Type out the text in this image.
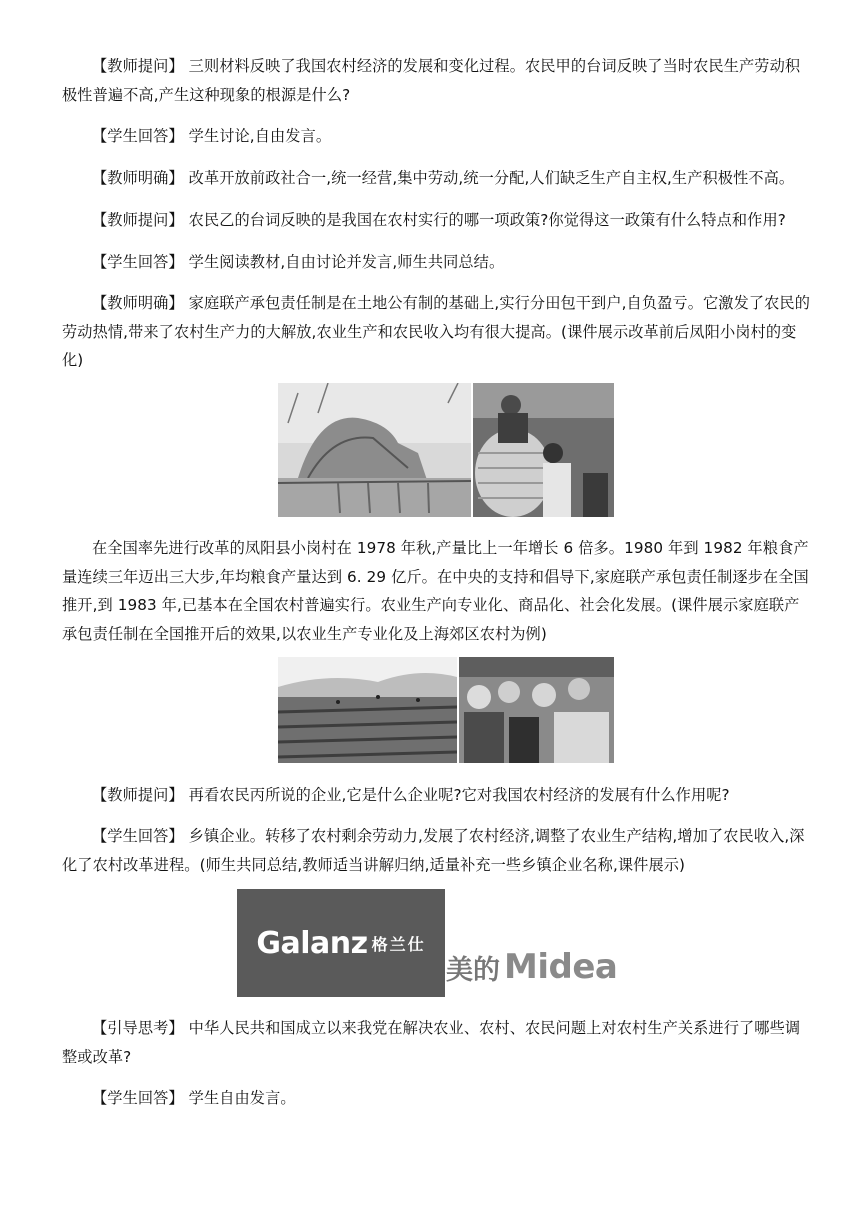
【教师提问】 三则材料反映了我国农村经济的发展和变化过程。农民甲的台词反映了当时农民生产劳动积极性普遍不高,产生这种现象的根源是什么?

【学生回答】 学生讨论,自由发言。

【教师明确】 改革开放前政社合一,统一经营,集中劳动,统一分配,人们缺乏生产自主权,生产积极性不高。

【教师提问】 农民乙的台词反映的是我国在农村实行的哪一项政策?你觉得这一政策有什么特点和作用?

【学生回答】 学生阅读教材,自由讨论并发言,师生共同总结。

【教师明确】 家庭联产承包责任制是在土地公有制的基础上,实行分田包干到户,自负盈亏。它激发了农民的劳动热情,带来了农村生产力的大解放,农业生产和农民收入均有很大提高。(课件展示改革前后凤阳小岗村的变化)

在全国率先进行改革的凤阳县小岗村在 1978 年秋,产量比上一年增长 6 倍多。1980 年到 1982 年粮食产量连续三年迈出三大步,年均粮食产量达到 6. 29 亿斤。在中央的支持和倡导下,家庭联产承包责任制逐步在全国推开,到 1983 年,已基本在全国农村普遍实行。农业生产向专业化、商品化、社会化发展。(课件展示家庭联产承包责任制在全国推开后的效果,以农业生产专业化及上海郊区农村为例)

【教师提问】 再看农民丙所说的企业,它是什么企业呢?它对我国农村经济的发展有什么作用呢?

【学生回答】 乡镇企业。转移了农村剩余劳动力,发展了农村经济,调整了农业生产结构,增加了农民收入,深化了农村改革进程。(师生共同总结,教师适当讲解归纳,适量补充一些乡镇企业名称,课件展示)

Galanz 格兰仕
美的 Midea

【引导思考】 中华人民共和国成立以来我党在解决农业、农村、农民问题上对农村生产关系进行了哪些调整或改革?

【学生回答】 学生自由发言。
